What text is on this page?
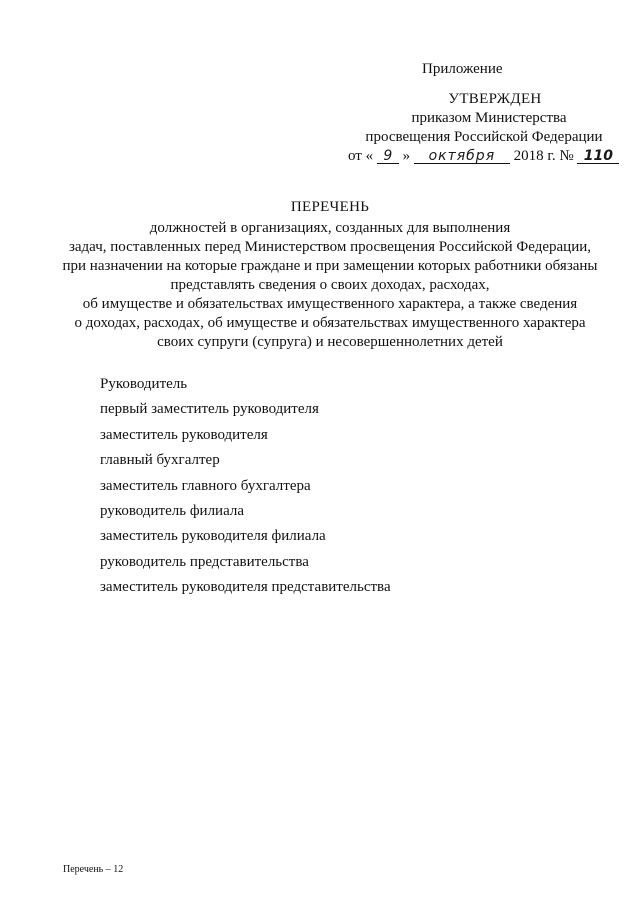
Приложение
УТВЕРЖДЕН
приказом Министерства
просвещения Российской Федерации
от « 9 » октября 2018 г. № 110
ПЕРЕЧЕНЬ
должностей в организациях, созданных для выполнения
задач, поставленных перед Министерством просвещения Российской Федерации,
при назначении на которые граждане и при замещении которых работники обязаны
представлять сведения о своих доходах, расходах,
об имуществе и обязательствах имущественного характера, а также сведения
о доходах, расходах, об имуществе и обязательствах имущественного характера
своих супруги (супруга) и несовершеннолетних детей
Руководитель
первый заместитель руководителя
заместитель руководителя
главный бухгалтер
заместитель главного бухгалтера
руководитель филиала
заместитель руководителя филиала
руководитель представительства
заместитель руководителя представительства
Перечень – 12
